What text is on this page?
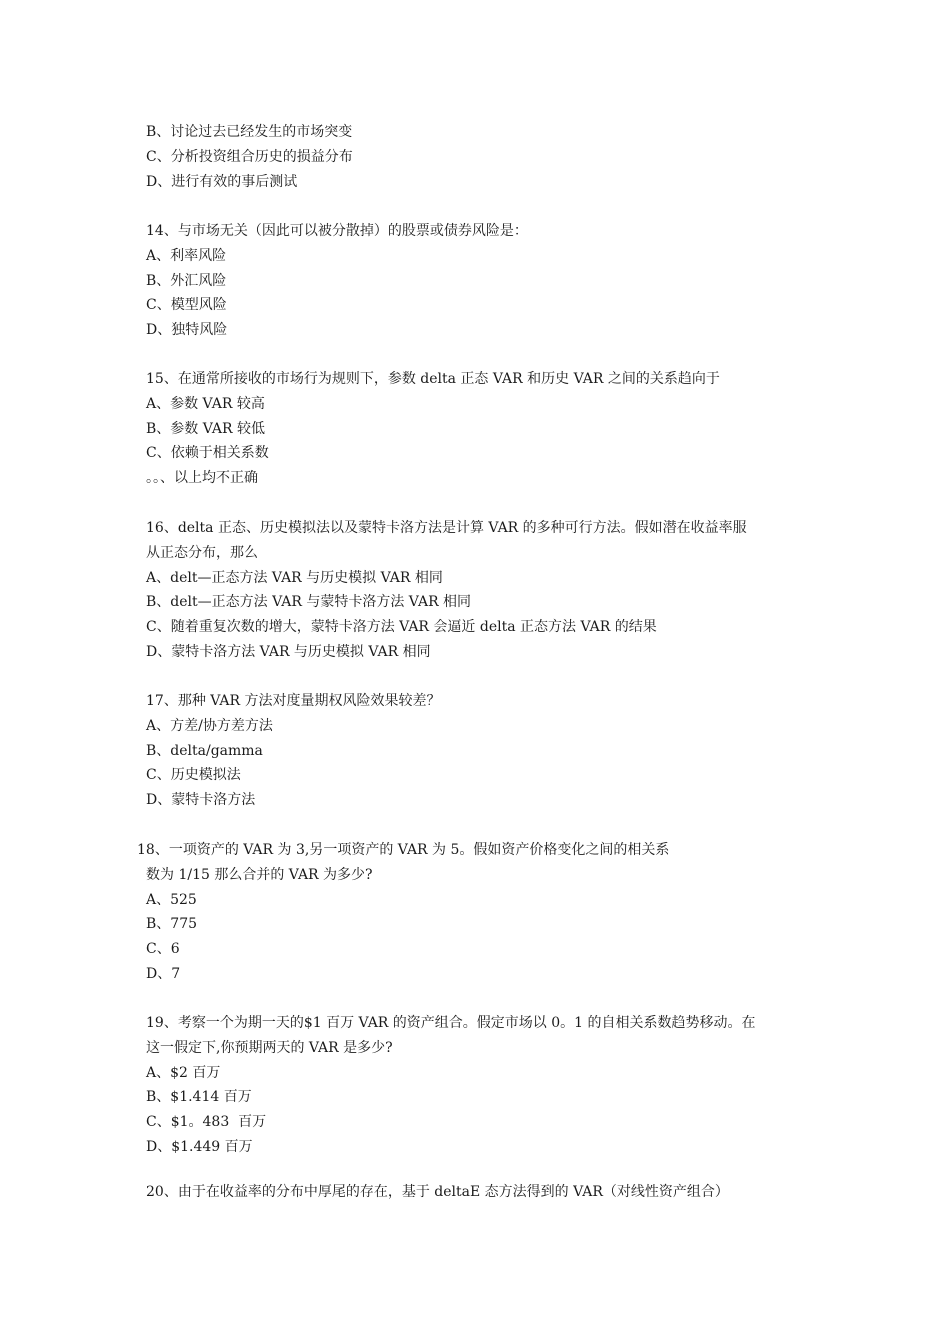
B、讨论过去已经发生的市场突变
C、分析投资组合历史的损益分布
D、进行有效的事后测试
14、与市场无关（因此可以被分散掉）的股票或债券风险是：
A、利率风险
B、外汇风险
C、模型风险
D、独特风险
15、在通常所接收的市场行为规则下，参数 delta 正态 VAR 和历史 VAR 之间的关系趋向于
A、参数 VAR 较高
B、参数 VAR 较低
C、依赖于相关系数
。。、以上均不正确
16、delta 正态、历史模拟法以及蒙特卡洛方法是计算 VAR 的多种可行方法。假如潜在收益率服
从正态分布，那么
A、delt—正态方法 VAR 与历史模拟 VAR 相同
B、delt—正态方法 VAR 与蒙特卡洛方法 VAR 相同
C、随着重复次数的增大，蒙特卡洛方法 VAR 会逼近 delta 正态方法 VAR 的结果
D、蒙特卡洛方法 VAR 与历史模拟 VAR 相同
17、那种 VAR 方法对度量期权风险效果较差？
A、方差/协方差方法
B、delta/gamma
C、历史模拟法
D、蒙特卡洛方法
18、一项资产的 VAR 为 3,另一项资产的 VAR 为 5。假如资产价格变化之间的相关系
数为 1/15 那么合并的 VAR 为多少?
A、525
B、775
C、6
D、7
19、考察一个为期一天的$1 百万 VAR 的资产组合。假定市场以 0。1 的自相关系数趋势移动。在
这一假定下,你预期两天的 VAR 是多少?
A、$2 百万
B、$1.414 百万
C、$1。483  百万
D、$1.449 百万
20、由于在收益率的分布中厚尾的存在，基于 deltaE 态方法得到的 VAR（对线性资产组合）
